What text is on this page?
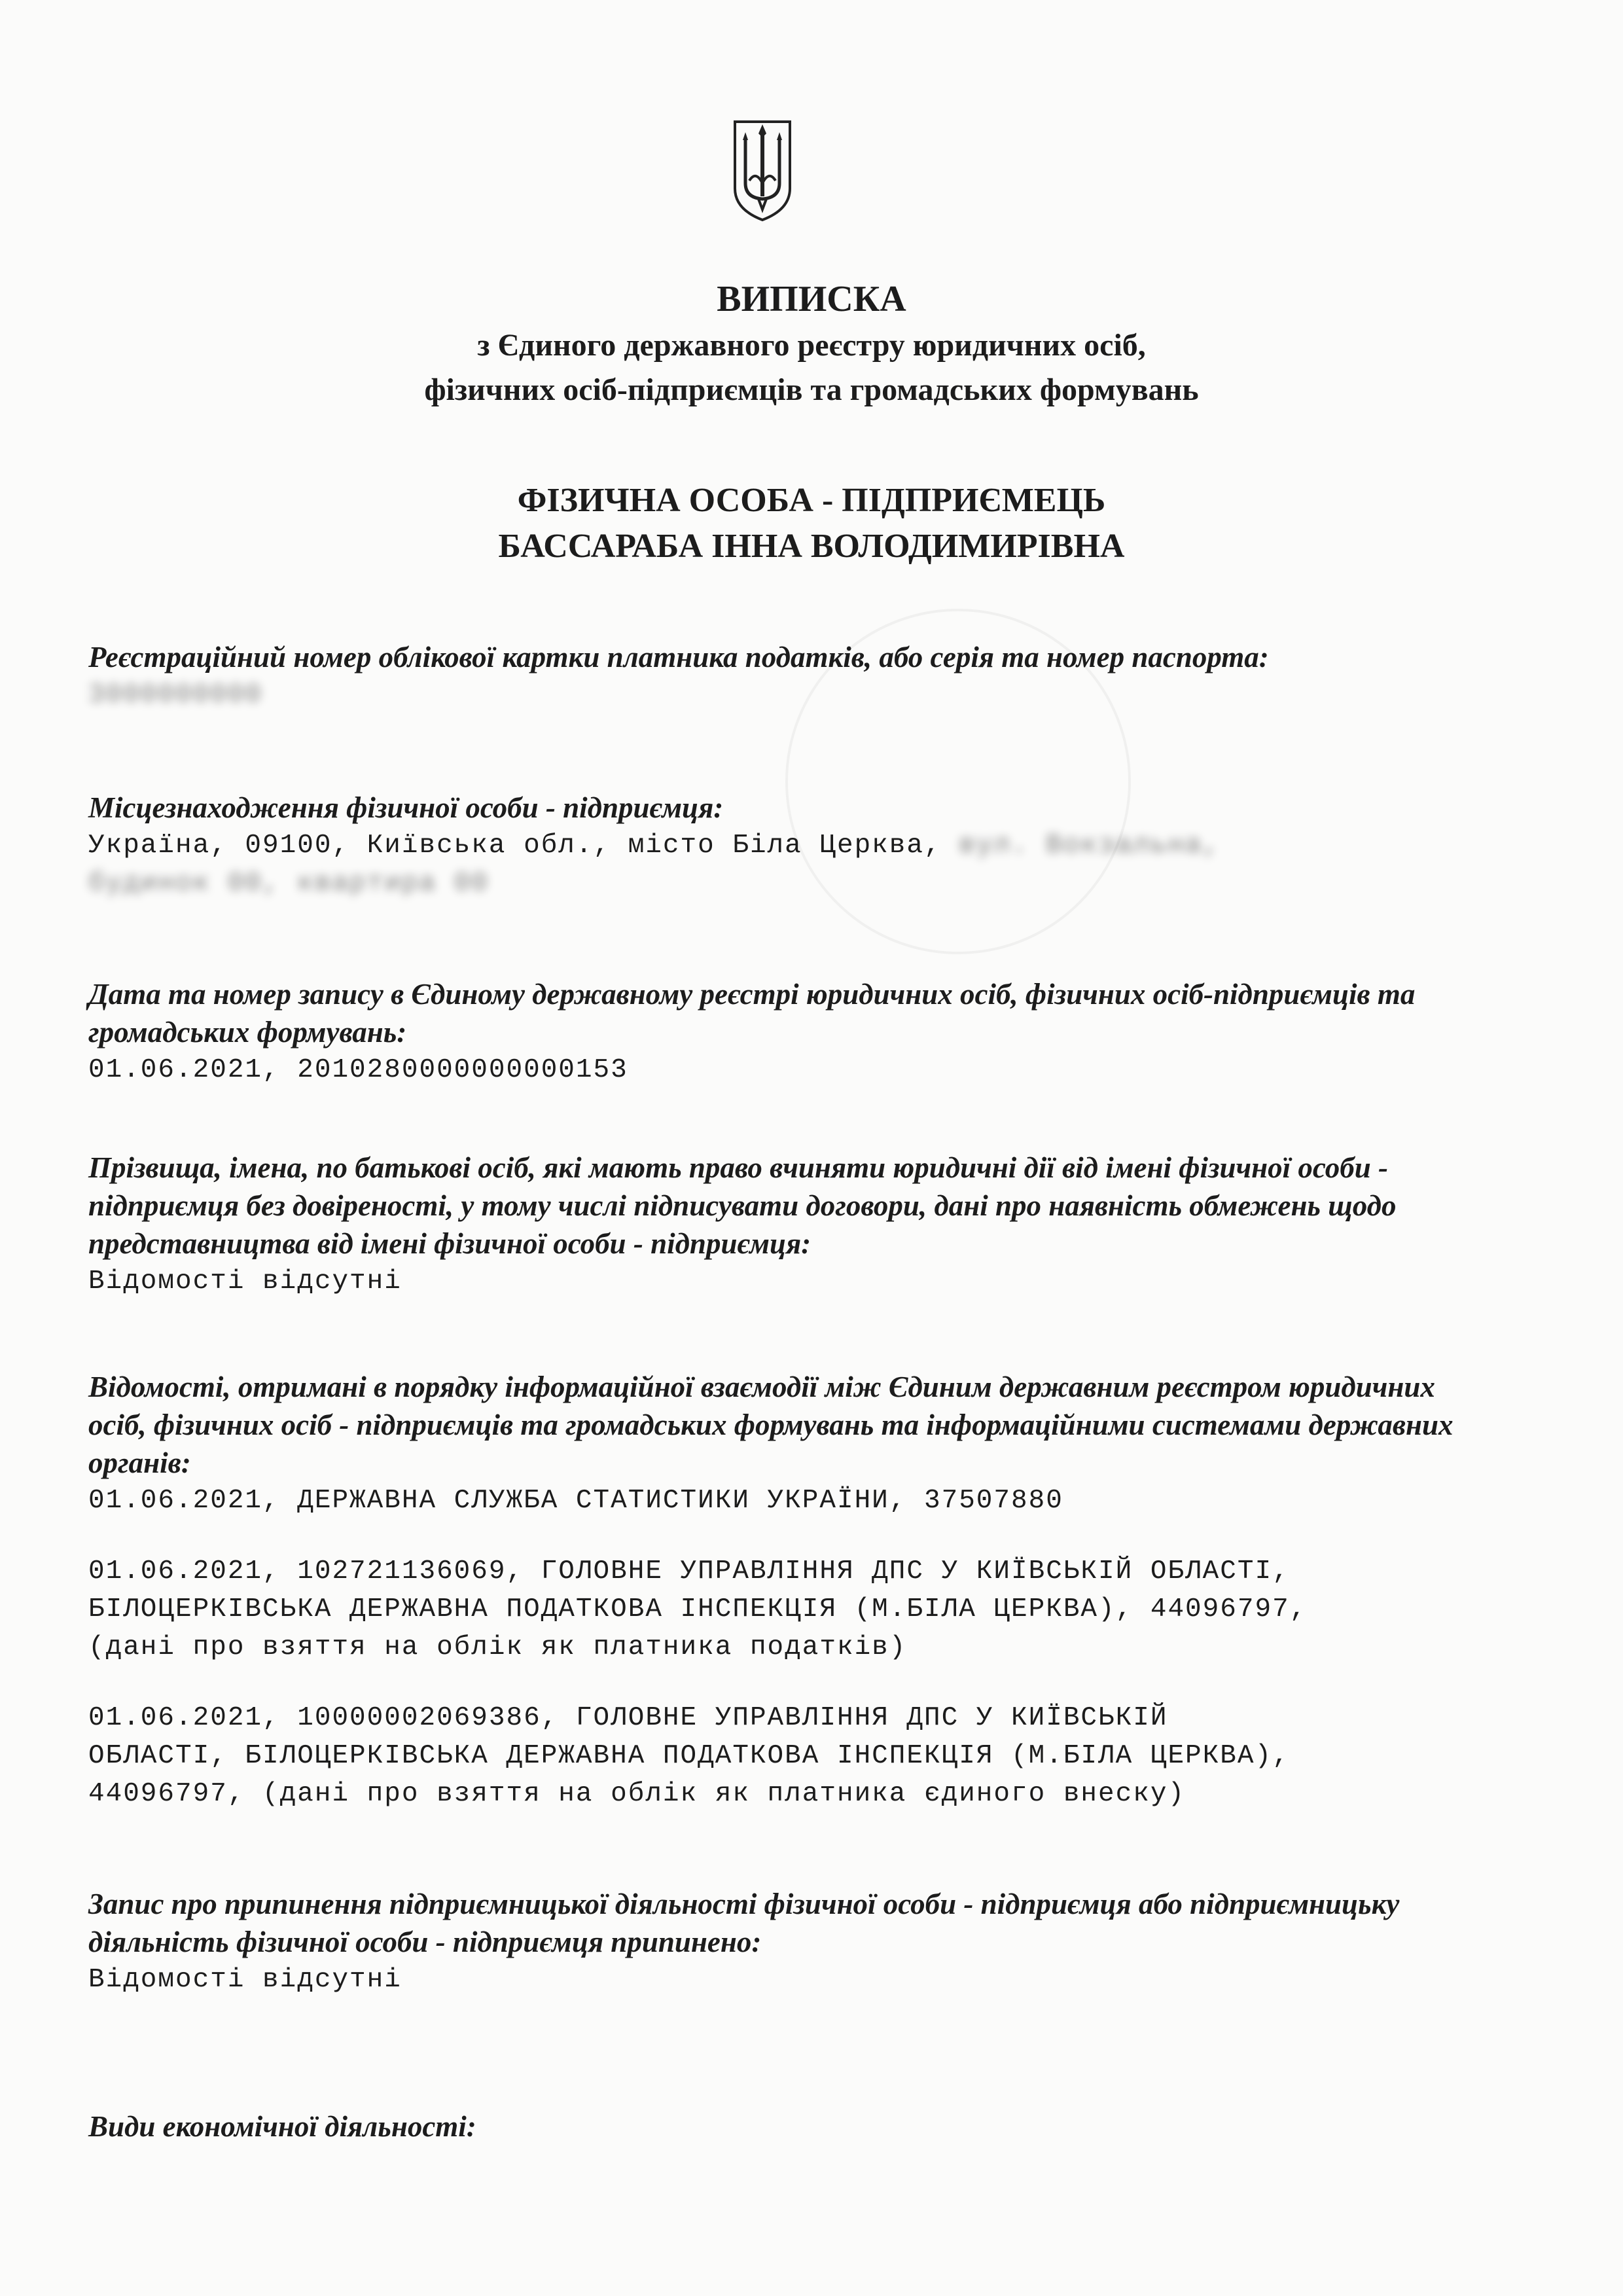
ВИПИСКА
з Єдиного державного реєстру юридичних осіб,
фізичних осіб-підприємців та громадських формувань
ФІЗИЧНА ОСОБА - ПІДПРИЄМЕЦЬ
БАССАРАБА ІННА ВОЛОДИМИРІВНА
Реєстраційний номер облікової картки платника податків, або серія та номер паспорта:
3000000000
Місцезнаходження фізичної особи - підприємця:
Україна, 09100, Київська обл., місто Біла Церква, вул. Вокзальна,
будинок 00, квартира 00
Дата та номер запису в Єдиному державному реєстрі юридичних осіб, фізичних осіб-підприємців та громадських формувань:
01.06.2021, 2010280000000000153
Прізвища, імена, по батькові осіб, які мають право вчиняти юридичні дії від імені фізичної особи - підприємця без довіреності, у тому числі підписувати договори, дані про наявність обмежень щодо представництва від імені фізичної особи - підприємця:
Відомості відсутні
Відомості, отримані в порядку інформаційної взаємодії між Єдиним державним реєстром юридичних осіб, фізичних осіб - підприємців та громадських формувань та інформаційними системами державних органів:
01.06.2021, ДЕРЖАВНА СЛУЖБА СТАТИСТИКИ УКРАЇНИ, 37507880
01.06.2021, 102721136069, ГОЛОВНЕ УПРАВЛІННЯ ДПС У КИЇВСЬКІЙ ОБЛАСТІ,
БІЛОЦЕРКІВСЬКА ДЕРЖАВНА ПОДАТКОВА ІНСПЕКЦІЯ (М.БІЛА ЦЕРКВА), 44096797,
(дані про взяття на облік як платника податків)
01.06.2021, 10000002069386, ГОЛОВНЕ УПРАВЛІННЯ ДПС У КИЇВСЬКІЙ
ОБЛАСТІ, БІЛОЦЕРКІВСЬКА ДЕРЖАВНА ПОДАТКОВА ІНСПЕКЦІЯ (М.БІЛА ЦЕРКВА),
44096797, (дані про взяття на облік як платника єдиного внеску)
Запис про припинення підприємницької діяльності фізичної особи - підприємця або підприємницьку діяльність фізичної особи - підприємця припинено:
Відомості відсутні
Види економічної діяльності:
